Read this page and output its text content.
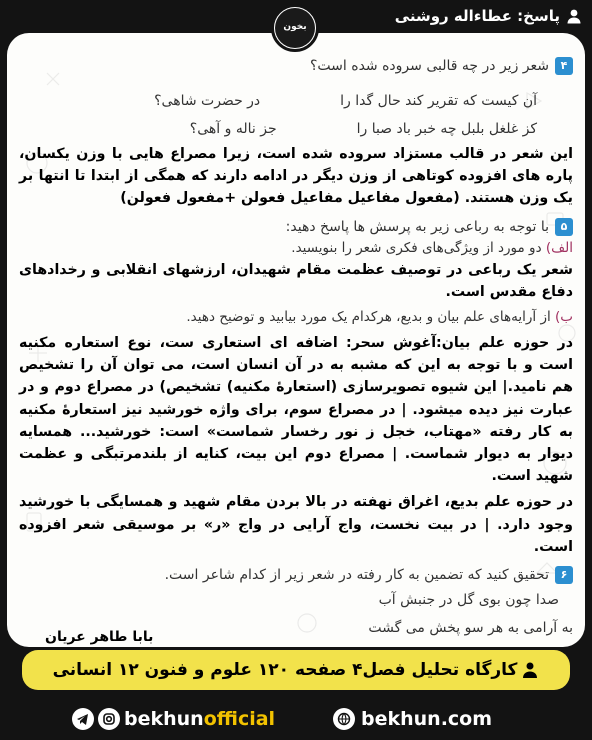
پاسخ: عطاءاله روشنی
بخون
۴
شعر زیر در چه قالبی سروده شده است؟
آن کیست که تقریر کند حال گدا را
در حضرت شاهی؟
کز غلغل بلبل چه خبر باد صبا را
جز ناله و آهی؟
این شعر در قالب مستزاد سروده شده است، زیرا مصراع هایی با وزن یکسان، پاره های افزوده کوتاهی از وزن دیگر در ادامه دارند که همگی از ابتدا تا انتها بر یک وزن هستند. (مفعول مفاعیل مفاعیل فعولن +مفعول فعولن)
۵
با توجه به رباعی زیر به پرسش ها پاسخ دهید:
الف) دو مورد از ویژگی‌های فکری شعر را بنویسید.
شعر یک رباعی در توصیف عظمت مقام شهیدان، ارزشهای انقلابی و رخدادهای دفاع مقدس است.
ب) از آرایه‌های علم بیان و بدیع، هرکدام یک مورد بیابید و توضیح دهید.
در حوزه علم بیان:آغوش سحر: اضافه ای استعاری ست، نوع استعاره مکنیه است و با توجه به این که مشبه به در آن انسان است، می توان آن را تشخیص هم نامید.| این شیوه تصویرسازی (استعارهٔ مکنیه) تشخیص) در مصراع دوم و در عبارت نیز دیده میشود. | در مصراع سوم، برای واژه خورشید نیز استعارهٔ مکنیه به کار رفته «مهتاب، خجل ز نور رخسار شماست» است: خورشید... همسایه دیوار به دیوار شماست. | مصراع دوم این بیت، کنایه از بلندمرتبگی و عظمت شهید است.
در حوزه علم بدیع، اغراق نهفته در بالا بردن مقام شهید و همسایگی با خورشید وجود دارد. | در بیت نخست، واج آرایی در واج «ر» بر موسیقی شعر افزوده است.
۶
تحقیق کنید که تضمین به کار رفته در شعر زیر از کدام شاعر است.
صدا چون بوی گل در جنبش آب
به آرامی به هر سو پخش می گشت
بابا طاهر عریان
کارگاه تحلیل فصل۴ صفحه ۱۲۰ علوم و فنون ۱۲ انسانی
bekhun official	bekhun.com
